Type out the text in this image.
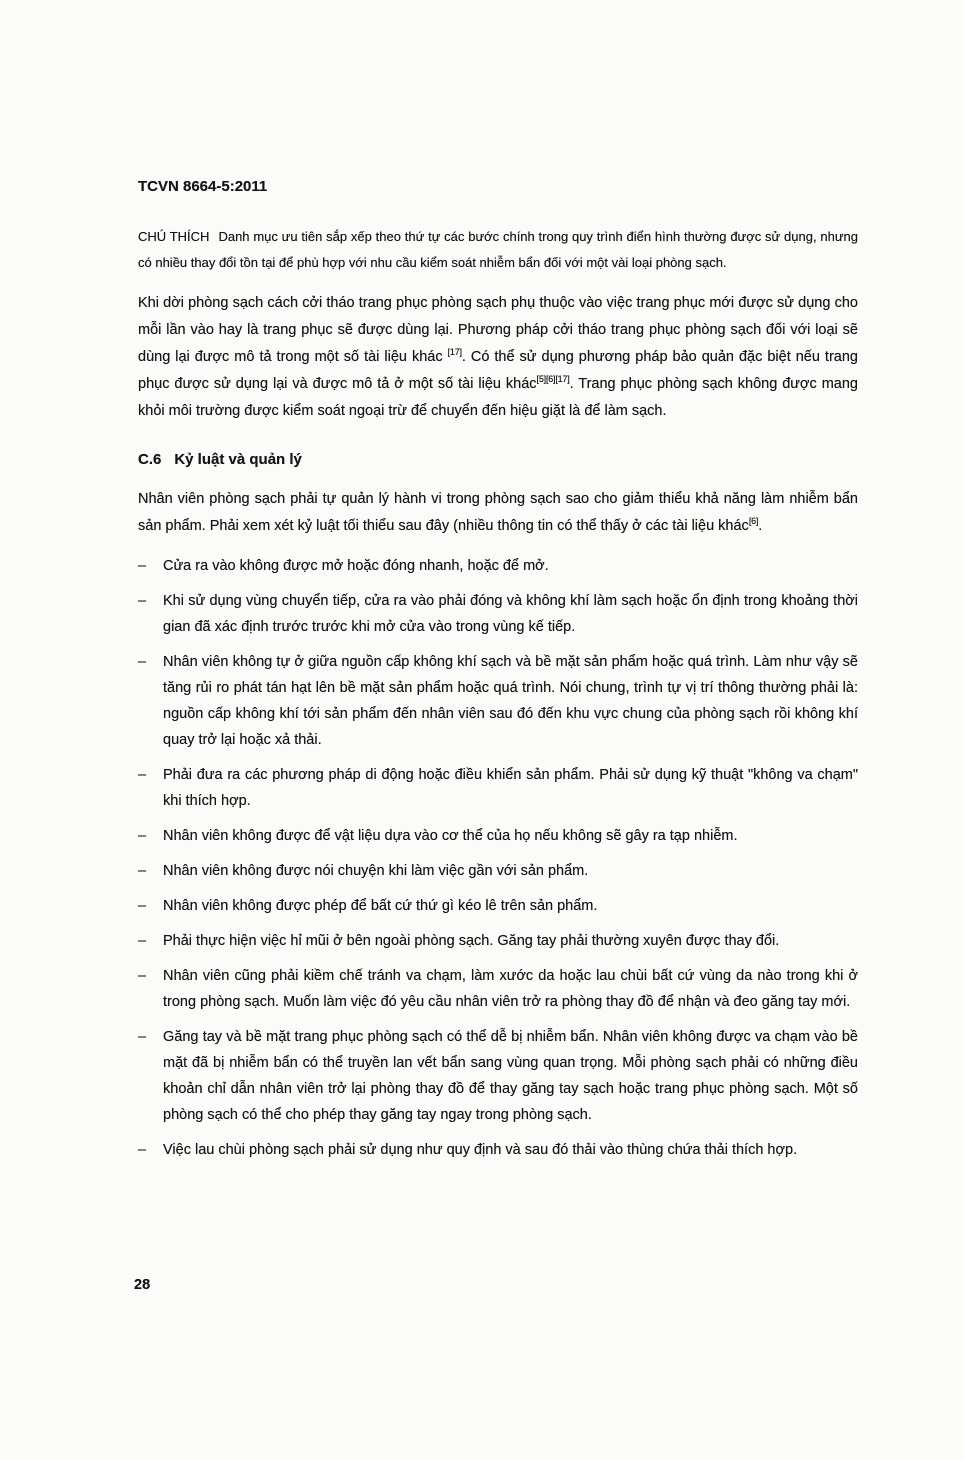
TCVN 8664-5:2011

CHÚ THÍCH Danh mục ưu tiên sắp xếp theo thứ tự các bước chính trong quy trình điển hình thường được sử dụng, nhưng có nhiều thay đổi tồn tại để phù hợp với nhu cầu kiểm soát nhiễm bẩn đối với một vài loại phòng sạch.

Khi dời phòng sạch cách cởi tháo trang phục phòng sạch phụ thuộc vào việc trang phục mới được sử dụng cho mỗi lần vào hay là trang phục sẽ được dùng lại. Phương pháp cởi tháo trang phục phòng sạch đối với loại sẽ dùng lại được mô tả trong một số tài liệu khác [17]. Có thể sử dụng phương pháp bảo quản đặc biệt nếu trang phục được sử dụng lại và được mô tả ở một số tài liệu khác[5][6][17]. Trang phục phòng sạch không được mang khỏi môi trường được kiểm soát ngoại trừ để chuyển đến hiệu giặt là để làm sạch.

C.6 Kỷ luật và quản lý

Nhân viên phòng sạch phải tự quản lý hành vi trong phòng sạch sao cho giảm thiểu khả năng làm nhiễm bẩn sản phẩm. Phải xem xét kỷ luật tối thiểu sau đây (nhiều thông tin có thể thấy ở các tài liệu khác[6].

–	Cửa ra vào không được mở hoặc đóng nhanh, hoặc để mở.
–	Khi sử dụng vùng chuyển tiếp, cửa ra vào phải đóng và không khí làm sạch hoặc ổn định trong khoảng thời gian đã xác định trước trước khi mở cửa vào trong vùng kế tiếp.
–	Nhân viên không tự ở giữa nguồn cấp không khí sạch và bề mặt sản phẩm hoặc quá trình. Làm như vậy sẽ tăng rủi ro phát tán hạt lên bề mặt sản phẩm hoặc quá trình. Nói chung, trình tự vị trí thông thường phải là: nguồn cấp không khí tới sản phẩm đến nhân viên sau đó đến khu vực chung của phòng sạch rồi không khí quay trở lại hoặc xả thải.
–	Phải đưa ra các phương pháp di động hoặc điều khiển sản phẩm. Phải sử dụng kỹ thuật "không va chạm" khi thích hợp.
–	Nhân viên không được để vật liệu dựa vào cơ thể của họ nếu không sẽ gây ra tạp nhiễm.
–	Nhân viên không được nói chuyện khi làm việc gần với sản phẩm.
–	Nhân viên không được phép để bất cứ thứ gì kéo lê trên sản phẩm.
–	Phải thực hiện việc hỉ mũi ở bên ngoài phòng sạch. Găng tay phải thường xuyên được thay đổi.
–	Nhân viên cũng phải kiềm chế tránh va chạm, làm xước da hoặc lau chùi bất cứ vùng da nào trong khi ở trong phòng sạch. Muốn làm việc đó yêu cầu nhân viên trở ra phòng thay đồ để nhận và đeo găng tay mới.
–	Găng tay và bề mặt trang phục phòng sạch có thể dễ bị nhiễm bẩn. Nhân viên không được va chạm vào bề mặt đã bị nhiễm bẩn có thể truyền lan vết bẩn sang vùng quan trọng. Mỗi phòng sạch phải có những điều khoản chỉ dẫn nhân viên trở lại phòng thay đồ để thay găng tay sạch hoặc trang phục phòng sạch. Một số phòng sạch có thể cho phép thay găng tay ngay trong phòng sạch.
–	Việc lau chùi phòng sạch phải sử dụng như quy định và sau đó thải vào thùng chứa thải thích hợp.
28
